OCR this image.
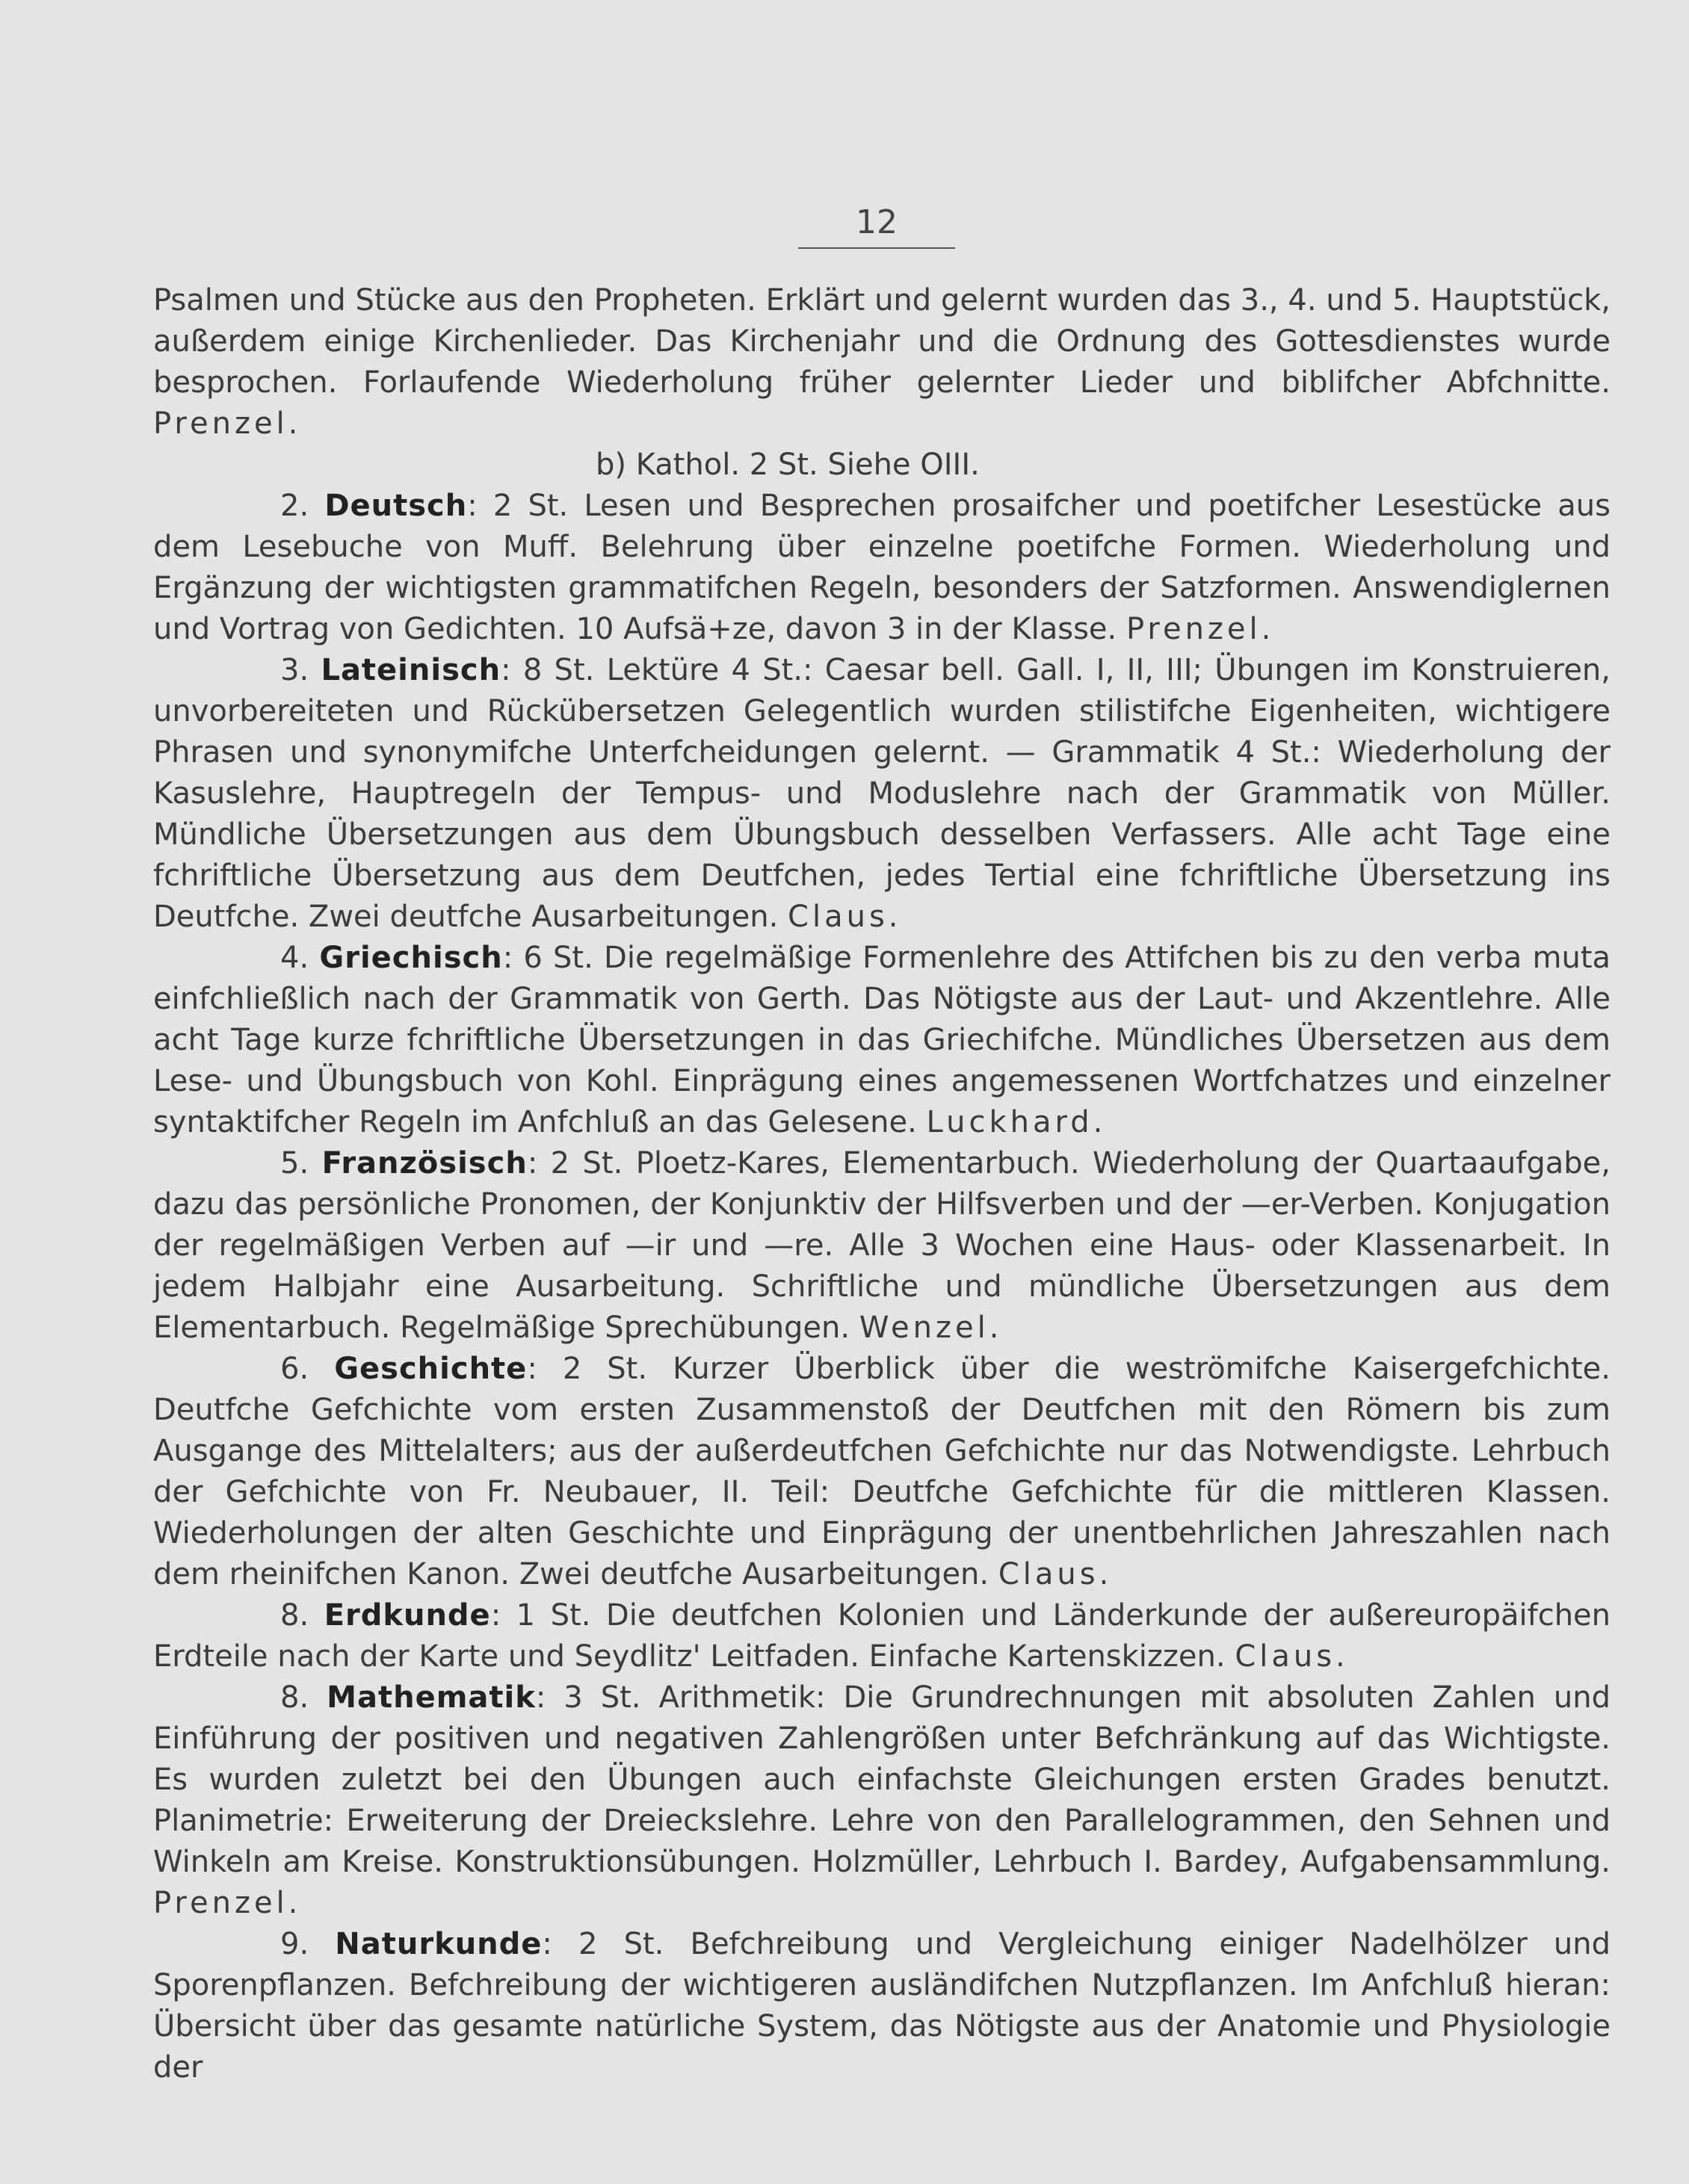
12

Psalmen und Stücke aus den Propheten. Erklärt und gelernt wurden das 3., 4. und 5. Hauptstück, außerdem einige Kirchenlieder. Das Kirchenjahr und die Ordnung des Gottesdienstes wurde besprochen. Forlaufende Wiederholung früher gelernter Lieder und biblifcher Abfchnitte. Prenzel.

b) Kathol. 2 St. Siehe OIII.

2. Deutsch: 2 St. Lesen und Besprechen prosaifcher und poetifcher Lesestücke aus dem Lesebuche von Muff. Belehrung über einzelne poetifche Formen. Wiederholung und Ergänzung der wichtigsten grammatifchen Regeln, besonders der Satzformen. Answendiglernen und Vortrag von Gedichten. 10 Aufsä+ze, davon 3 in der Klasse. Prenzel.

3. Lateinisch: 8 St. Lektüre 4 St.: Caesar bell. Gall. I, II, III; Übungen im Konstruieren, unvorbereiteten und Rückübersetzen Gelegentlich wurden stilistifche Eigenheiten, wichtigere Phrasen und synonymifche Unterfcheidungen gelernt. — Grammatik 4 St.: Wiederholung der Kasuslehre, Hauptregeln der Tempus- und Moduslehre nach der Grammatik von Müller. Mündliche Übersetzungen aus dem Übungsbuch desselben Verfassers. Alle acht Tage eine fchriftliche Übersetzung aus dem Deutfchen, jedes Tertial eine fchriftliche Übersetzung ins Deutfche. Zwei deutfche Ausarbeitungen. Claus.

4. Griechisch: 6 St. Die regelmäßige Formenlehre des Attifchen bis zu den verba muta einfchließlich nach der Grammatik von Gerth. Das Nötigste aus der Laut- und Akzentlehre. Alle acht Tage kurze fchriftliche Übersetzungen in das Griechifche. Mündliches Übersetzen aus dem Lese- und Übungsbuch von Kohl. Einprägung eines angemessenen Wortfchatzes und einzelner syntaktifcher Regeln im Anfchluß an das Gelesene. Luckhard.

5. Französisch: 2 St. Ploetz-Kares, Elementarbuch. Wiederholung der Quartaaufgabe, dazu das persönliche Pronomen, der Konjunktiv der Hilfsverben und der —er-Verben. Konjugation der regelmäßigen Verben auf —ir und —re. Alle 3 Wochen eine Haus- oder Klassenarbeit. In jedem Halbjahr eine Ausarbeitung. Schriftliche und mündliche Übersetzungen aus dem Elementarbuch. Regelmäßige Sprechübungen. Wenzel.

6. Geschichte: 2 St. Kurzer Überblick über die weströmifche Kaisergefchichte. Deutfche Gefchichte vom ersten Zusammenstoß der Deutfchen mit den Römern bis zum Ausgange des Mittelalters; aus der außerdeutfchen Gefchichte nur das Notwendigste. Lehrbuch der Gefchichte von Fr. Neubauer, II. Teil: Deutfche Gefchichte für die mittleren Klassen. Wiederholungen der alten Geschichte und Einprägung der unentbehrlichen Jahreszahlen nach dem rheinifchen Kanon. Zwei deutfche Ausarbeitungen. Claus.

8. Erdkunde: 1 St. Die deutfchen Kolonien und Länderkunde der außereuropäifchen Erdteile nach der Karte und Seydlitz' Leitfaden. Einfache Kartenskizzen. Claus.

8. Mathematik: 3 St. Arithmetik: Die Grundrechnungen mit absoluten Zahlen und Einführung der positiven und negativen Zahlengrößen unter Befchränkung auf das Wichtigste. Es wurden zuletzt bei den Übungen auch einfachste Gleichungen ersten Grades benutzt. Planimetrie: Erweiterung der Dreieckslehre. Lehre von den Parallelogrammen, den Sehnen und Winkeln am Kreise. Konstruktionsübungen. Holzmüller, Lehrbuch I. Bardey, Aufgabensammlung. Prenzel.

9. Naturkunde: 2 St. Befchreibung und Vergleichung einiger Nadelhölzer und Sporenpflanzen. Befchreibung der wichtigeren ausländifchen Nutzpflanzen. Im Anfchluß hieran: Übersicht über das gesamte natürliche System, das Nötigste aus der Anatomie und Physiologie der
